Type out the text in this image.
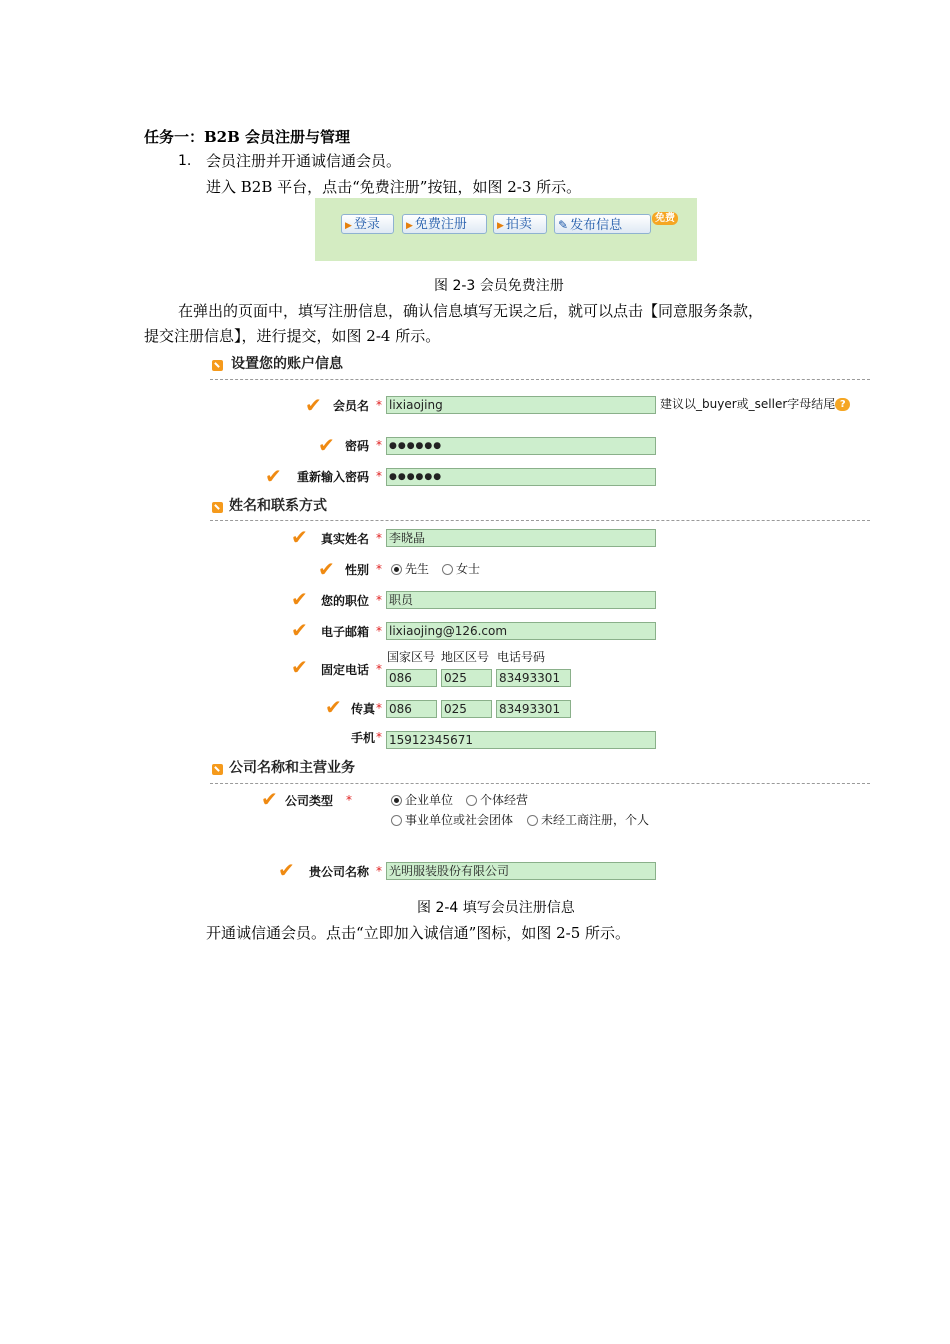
任务一：B2B 会员注册与管理
1. 会员注册并开通诚信通会员。
进入 B2B 平台，点击“免费注册”按钮，如图 2-3 所示。
▶ 登录	▶ 免费注册	▶ 拍卖	✎ 发布信息	免费
图 2-3 会员免费注册
在弹出的页面中，填写注册信息，确认信息填写无误之后，就可以点击【同意服务条款，
提交注册信息】，进行提交，如图 2-4 所示。
设置您的账户信息
✔ 会员名 * lixiaojing	建议以_buyer或_seller字母结尾 ?
✔ 密码 * ●●●●●●
✔	重新输入密码 * ●●●●●●
姓名和联系方式
✔	真实姓名 * 李晓晶
✔ 性别 *	先生	女士
✔	您的职位 * 职员
✔	电子邮箱 * lixiaojing@126.com
国家区号 地区区号 电话号码
✔	固定电话 *
086	025	83493301
✔ 传真 * 086	025	83493301
手机 * 15912345671
公司名称和主营业务
✔ 公司类型	*	企业单位	个体经营
事业单位或社会团体	未经工商注册，个人
✔	贵公司名称 * 光明服装股份有限公司
图 2-4 填写会员注册信息
开通诚信通会员。点击“立即加入诚信通”图标，如图 2-5 所示。
